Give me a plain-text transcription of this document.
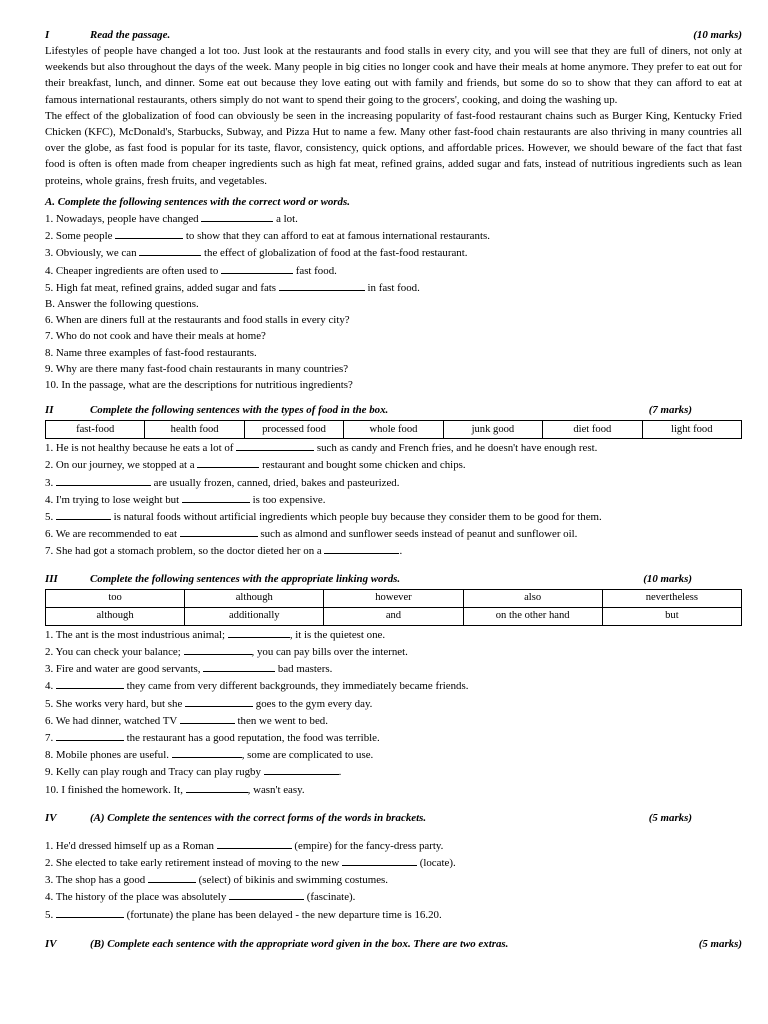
I	Read the passage.	(10 marks)

Lifestyles of people have changed a lot too. Just look at the restaurants and food stalls in every city, and you will see that they are full of diners, not only at weekends but also throughout the days of the week. Many people in big cities no longer cook and have their meals at home anymore. They prefer to eat out for their breakfast, lunch, and dinner. Some eat out because they love eating out with family and friends, but some do so to show that they can afford to eat at famous international restaurants, others simply do not want to spend their going to the grocers', cooking, and doing the washing up.

The effect of the globalization of food can obviously be seen in the increasing popularity of fast-food restaurant chains such as Burger King, Kentucky Fried Chicken (KFC), McDonald's, Starbucks, Subway, and Pizza Hut to name a few. Many other fast-food chain restaurants are also thriving in many countries all over the globe, as fast food is popular for its taste, flavor, consistency, quick options, and affordable prices. However, we should beware of the fact that fast food is often is often made from cheaper ingredients such as high fat meat, refined grains, added sugar and fats, instead of nutritious ingredients such as lean proteins, whole grains, fresh fruits, and vegetables.

A. Complete the following sentences with the correct word or words.
1. Nowadays, people have changed	a lot.
2. Some people	to show that they can afford to eat at famous international restaurants.
3. Obviously, we can	the effect of globalization of food at the fast-food restaurant.
4. Cheaper ingredients are often used to	fast food.
5. High fat meat, refined grains, added sugar and fats	in fast food.
B. Answer the following questions.
6. When are diners full at the restaurants and food stalls in every city?
7. Who do not cook and have their meals at home?
8. Name three examples of fast-food restaurants.
9. Why are there many fast-food chain restaurants in many countries?
10. In the passage, what are the descriptions for nutritious ingredients?
II	Complete the following sentences with the types of food in the box.	(7 marks)
fast-food	health food	processed food	whole food	junk good	diet food	light food
1. He is not healthy because he eats a lot of	such as candy and French fries, and he doesn't have enough rest.
2. On our journey, we stopped at a	restaurant and bought some chicken and chips.
3.	are usually frozen, canned, dried, bakes and pasteurized.
4. I'm trying to lose weight but	is too expensive.
5.	is natural foods without artificial ingredients which people buy because they consider them to be good for them.
6. We are recommended to eat	such as almond and sunflower seeds instead of peanut and sunflower oil.
7. She had got a stomach problem, so the doctor dieted her on a	.
III	Complete the following sentences with the appropriate linking words.	(10 marks)
too	although	however	also	nevertheless
although	additionally	and	on the other hand	but
1. The ant is the most industrious animal;	, it is the quietest one.
2. You can check your balance;	, you can pay bills over the internet.
3. Fire and water are good servants,	bad masters.
4.	they came from very different backgrounds, they immediately became friends.
5. She works very hard, but she	goes to the gym every day.
6. We had dinner, watched TV	then we went to bed.
7.	the restaurant has a good reputation, the food was terrible.
8. Mobile phones are useful.	, some are complicated to use.
9. Kelly can play rough and Tracy can play rugby	.
10. I finished the homework. It,	, wasn't easy.
IV	(A) Complete the sentences with the correct forms of the words in brackets.	(5 marks)
1. He'd dressed himself up as a Roman	(empire) for the fancy-dress party.
2. She elected to take early retirement instead of moving to the new	(locate).
3. The shop has a good	(select) of bikinis and swimming costumes.
4. The history of the place was absolutely	(fascinate).
5.	(fortunate) the plane has been delayed - the new departure time is 16.20.
IV	(B) Complete each sentence with the appropriate word given in the box. There are two extras.	(5 marks)
